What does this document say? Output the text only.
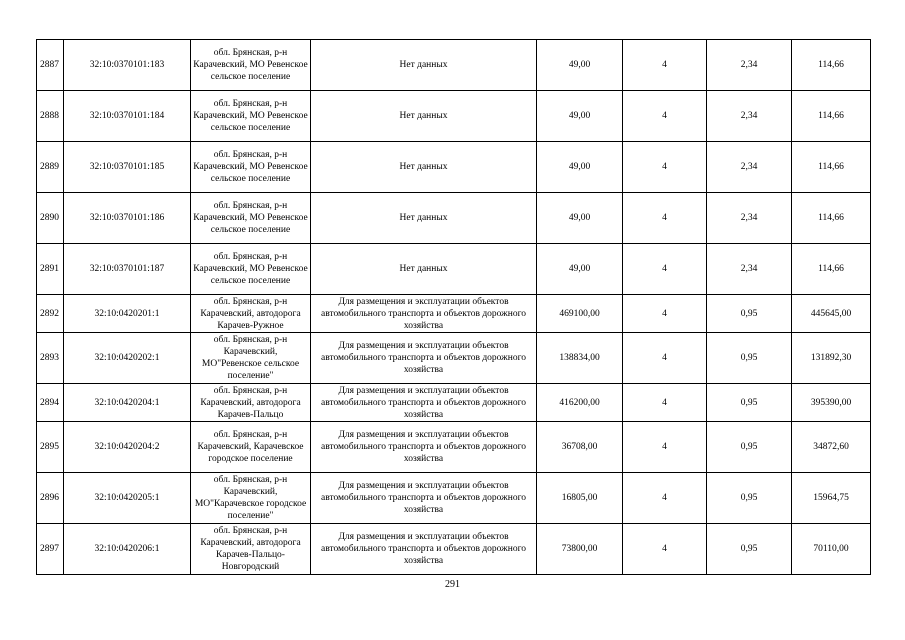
2887	32:10:0370101:183	обл. Брянская, р-н Карачевский, МО Ревенское сельское поселение	Нет данных	49,00	4	2,34	114,66
2888	32:10:0370101:184	обл. Брянская, р-н Карачевский, МО Ревенское сельское поселение	Нет данных	49,00	4	2,34	114,66
2889	32:10:0370101:185	обл. Брянская, р-н Карачевский, МО Ревенское сельское поселение	Нет данных	49,00	4	2,34	114,66
2890	32:10:0370101:186	обл. Брянская, р-н Карачевский, МО Ревенское сельское поселение	Нет данных	49,00	4	2,34	114,66
2891	32:10:0370101:187	обл. Брянская, р-н Карачевский, МО Ревенское сельское поселение	Нет данных	49,00	4	2,34	114,66
2892	32:10:0420201:1	обл. Брянская, р-н Карачевский, автодорога Карачев-Ружное	Для размещения и эксплуатации объектов автомобильного транспорта и объектов дорожного хозяйства	469100,00	4	0,95	445645,00
2893	32:10:0420202:1	обл. Брянская, р-н Карачевский, МО"Ревенское сельское поселение"	Для размещения и эксплуатации объектов автомобильного транспорта и объектов дорожного хозяйства	138834,00	4	0,95	131892,30
2894	32:10:0420204:1	обл. Брянская, р-н Карачевский, автодорога Карачев-Пальцо	Для размещения и эксплуатации объектов автомобильного транспорта и объектов дорожного хозяйства	416200,00	4	0,95	395390,00
2895	32:10:0420204:2	обл. Брянская, р-н Карачевский, Карачевское городское поселение	Для размещения и эксплуатации объектов автомобильного транспорта и объектов дорожного хозяйства	36708,00	4	0,95	34872,60
2896	32:10:0420205:1	обл. Брянская, р-н Карачевский, МО"Карачевское городское поселение"	Для размещения и эксплуатации объектов автомобильного транспорта и объектов дорожного хозяйства	16805,00	4	0,95	15964,75
2897	32:10:0420206:1	обл. Брянская, р-н Карачевский, автодорога Карачев-Пальцо-Новгородский	Для размещения и эксплуатации объектов автомобильного транспорта и объектов дорожного хозяйства	73800,00	4	0,95	70110,00
291
